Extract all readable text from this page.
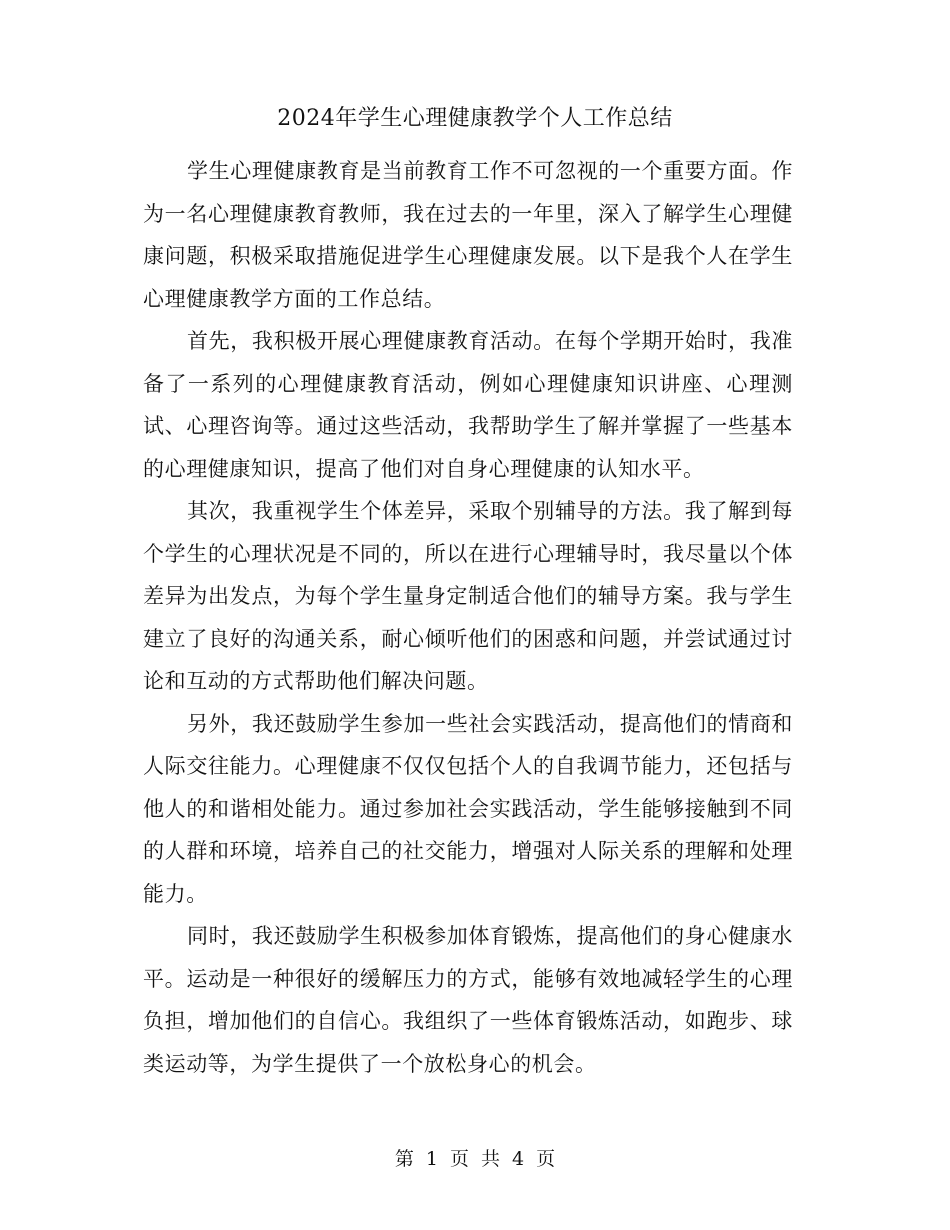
2024年学生心理健康教学个人工作总结

学生心理健康教育是当前教育工作不可忽视的一个重要方面。作为一名心理健康教育教师，我在过去的一年里，深入了解学生心理健康问题，积极采取措施促进学生心理健康发展。以下是我个人在学生心理健康教学方面的工作总结。

首先，我积极开展心理健康教育活动。在每个学期开始时，我准备了一系列的心理健康教育活动，例如心理健康知识讲座、心理测试、心理咨询等。通过这些活动，我帮助学生了解并掌握了一些基本的心理健康知识，提高了他们对自身心理健康的认知水平。

其次，我重视学生个体差异，采取个别辅导的方法。我了解到每个学生的心理状况是不同的，所以在进行心理辅导时，我尽量以个体差异为出发点，为每个学生量身定制适合他们的辅导方案。我与学生建立了良好的沟通关系，耐心倾听他们的困惑和问题，并尝试通过讨论和互动的方式帮助他们解决问题。

另外，我还鼓励学生参加一些社会实践活动，提高他们的情商和人际交往能力。心理健康不仅仅包括个人的自我调节能力，还包括与他人的和谐相处能力。通过参加社会实践活动，学生能够接触到不同的人群和环境，培养自己的社交能力，增强对人际关系的理解和处理能力。

同时，我还鼓励学生积极参加体育锻炼，提高他们的身心健康水平。运动是一种很好的缓解压力的方式，能够有效地减轻学生的心理负担，增加他们的自信心。我组织了一些体育锻炼活动，如跑步、球类运动等，为学生提供了一个放松身心的机会。

第 1 页 共 4 页
